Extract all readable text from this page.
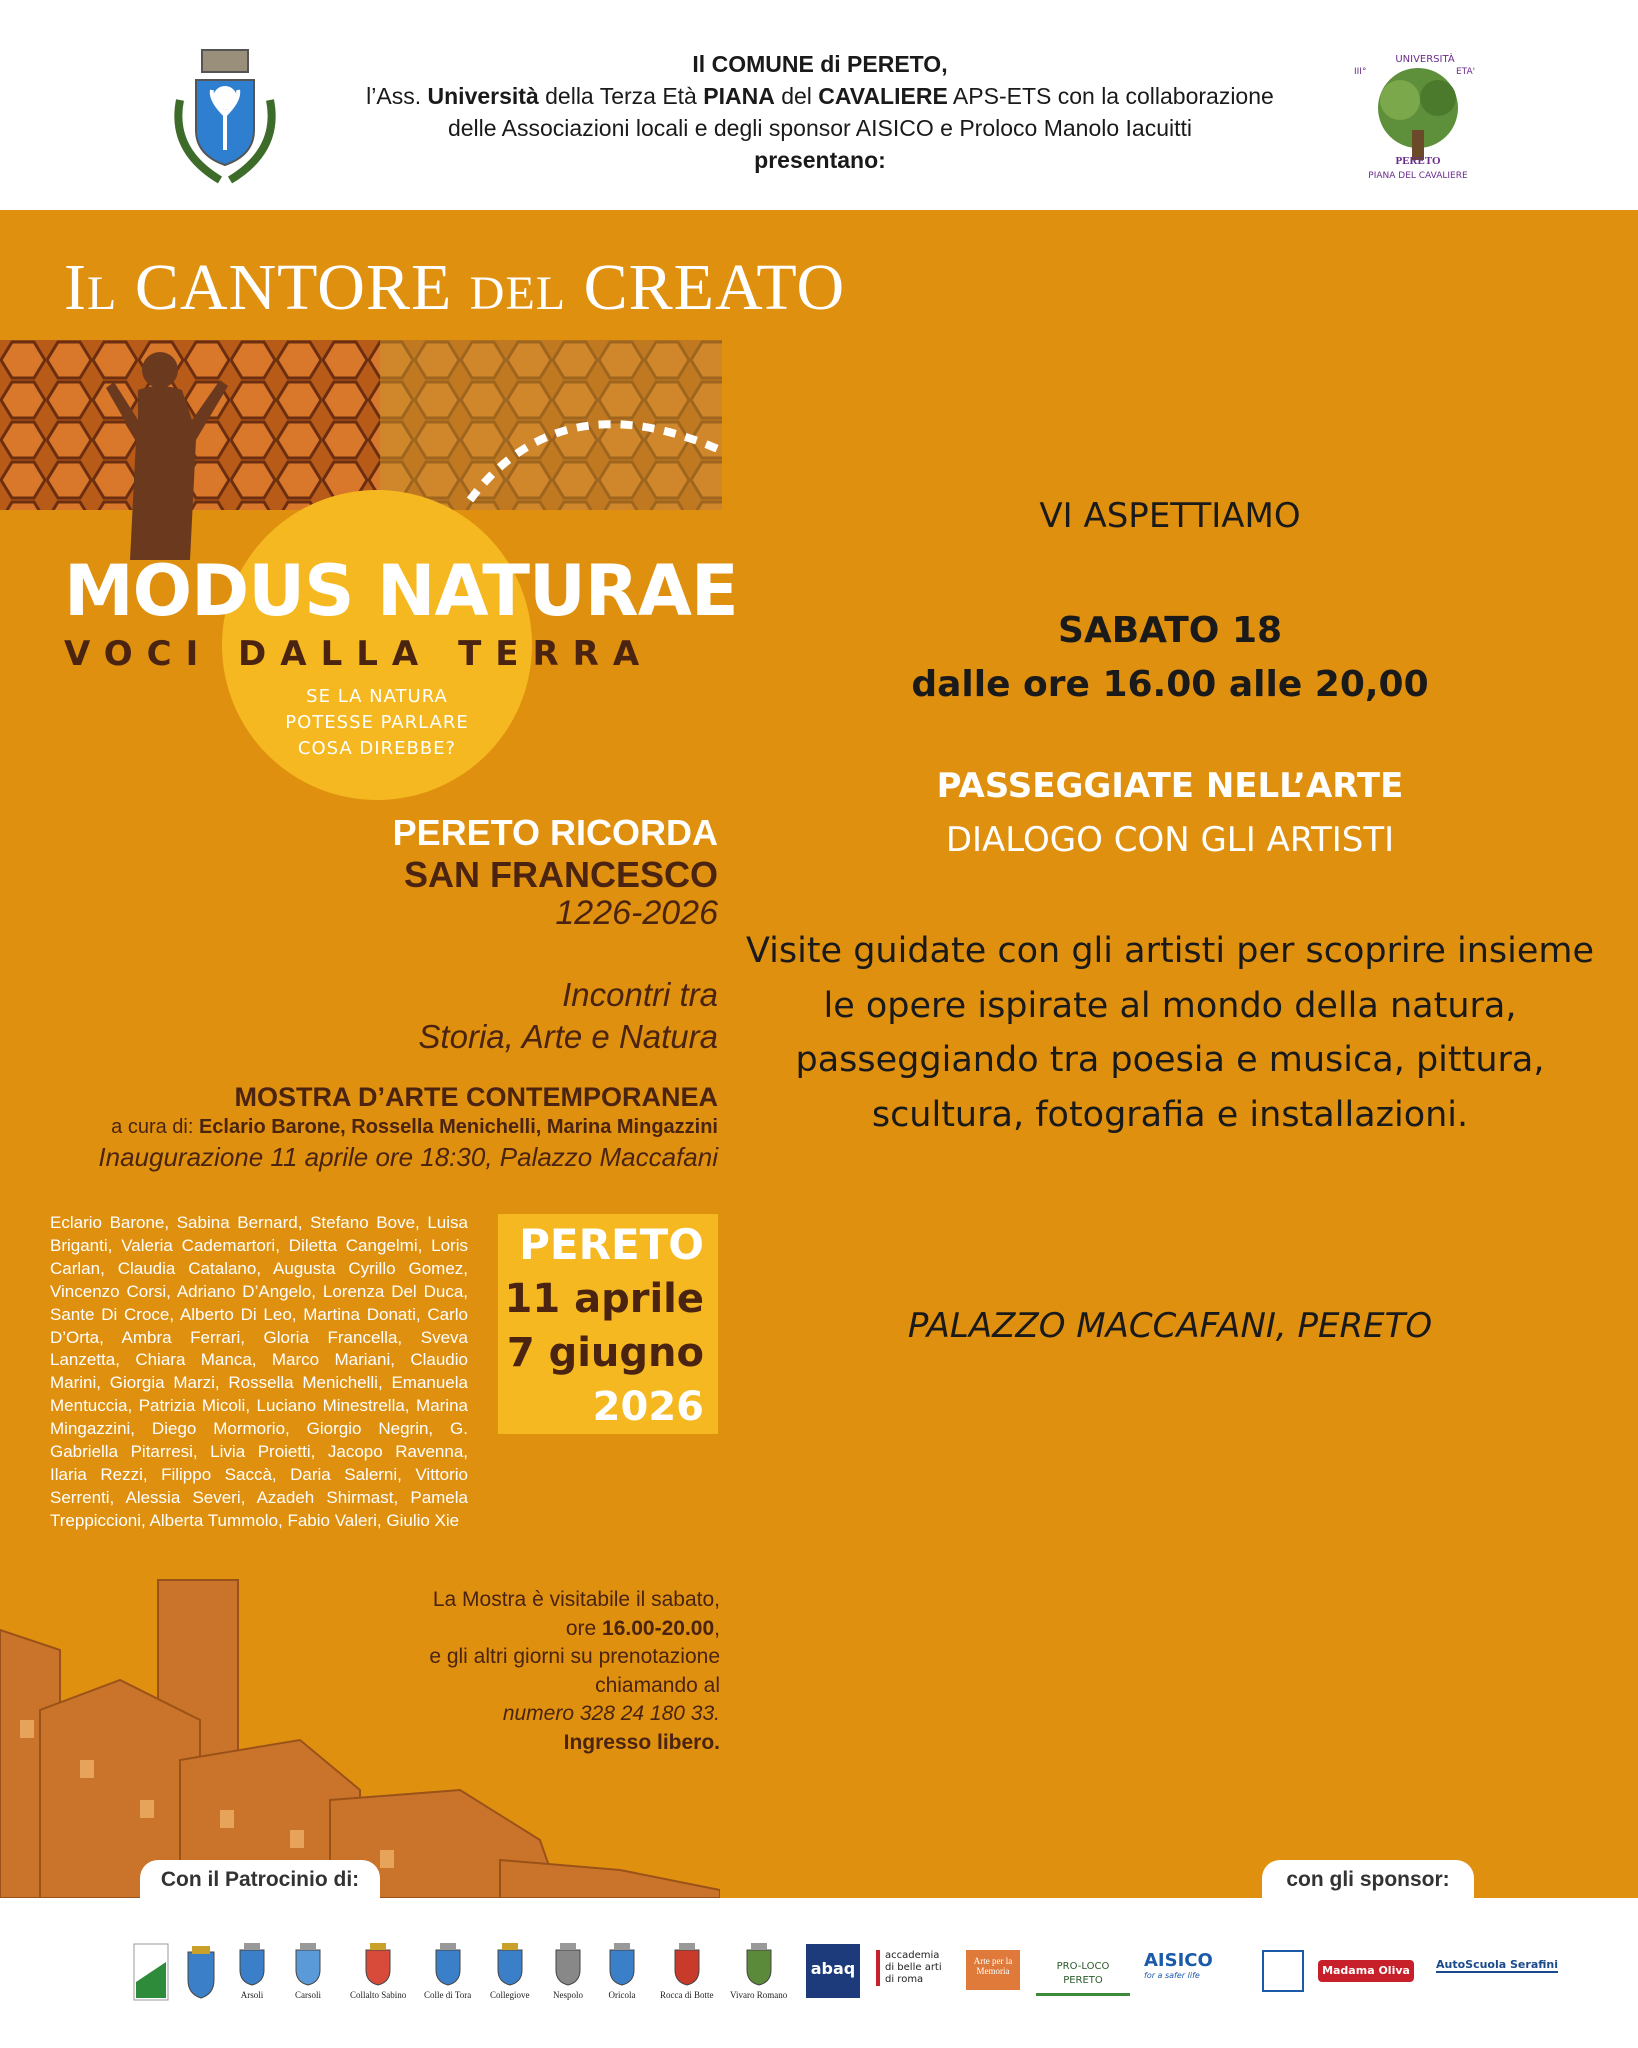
Il COMUNE di PERETO,
l’Ass. Università della Terza Età PIANA del CAVALIERE APS-ETS con la collaborazione
delle Associazioni locali e degli sponsor AISICO e Proloco Manolo Iacuitti
presentano:
UNIVERSITÀ
III°	ETA'
PERETO
PIANA DEL CAVALIERE
IL CANTORE DEL CREATO
MODUS NATURAE
VOCI DALLA TERRA
SE LA NATURA
POTESSE PARLARE
COSA DIREBBE?
PERETO RICORDA
SAN FRANCESCO
1226-2026
Incontri tra
Storia, Arte e Natura
MOSTRA D’ARTE CONTEMPORANEA
a cura di: Eclario Barone, Rossella Menichelli, Marina Mingazzini
Inaugurazione 11 aprile ore 18:30, Palazzo Maccafani
Eclario Barone, Sabina Bernard, Stefano Bove, Luisa Briganti, Valeria Cademartori, Diletta Cangelmi, Loris Carlan, Claudia Catalano, Augusta Cyrillo Gomez, Vincenzo Corsi, Adriano D’Angelo, Lorenza Del Duca, Sante Di Croce, Alberto Di Leo, Martina Donati, Carlo D’Orta, Ambra Ferrari, Gloria Francella, Sveva Lanzetta, Chiara Manca, Marco Mariani, Claudio Marini, Giorgia Marzi, Rossella Menichelli, Emanuela Mentuccia, Patrizia Micoli, Luciano Minestrella, Marina Mingazzini, Diego Mormorio, Giorgio Negrin, G. Gabriella Pitarresi, Livia Proietti, Jacopo Ravenna, Ilaria Rezzi, Filippo Saccà, Daria Salerni, Vittorio Serrenti, Alessia Severi, Azadeh Shirmast, Pamela Treppiccioni, Alberta Tummolo, Fabio Valeri, Giulio Xie
PERETO
11 aprile
7 giugno
2026
La Mostra è visitabile il sabato,
ore 16.00-20.00,
e gli altri giorni su prenotazione
chiamando al
numero 328 24 180 33.
Ingresso libero.
Con il Patrocinio di:	con gli sponsor:
VI ASPETTIAMO
SABATO 18
dalle ore 16.00 alle 20,00
PASSEGGIATE NELL’ARTE
DIALOGO CON GLI ARTISTI
Visite guidate con gli artisti per scoprire insieme
le opere ispirate al mondo della natura,
passeggiando tra poesia e musica, pittura,
scultura, fotografia e installazioni.
PALAZZO MACCAFANI, PERETO
Arsoli	Carsoli	Collalto Sabino Colle di Tora Collegiove	Nespolo	Oricola	Rocca di Botte Vivaro Romano
abaq
accademia
di belle arti
di roma
Arte per la Memoria	PRO-LOCO
PERETO
AISICO
for a safer life	Madama Oliva	AutoScuola Serafini
